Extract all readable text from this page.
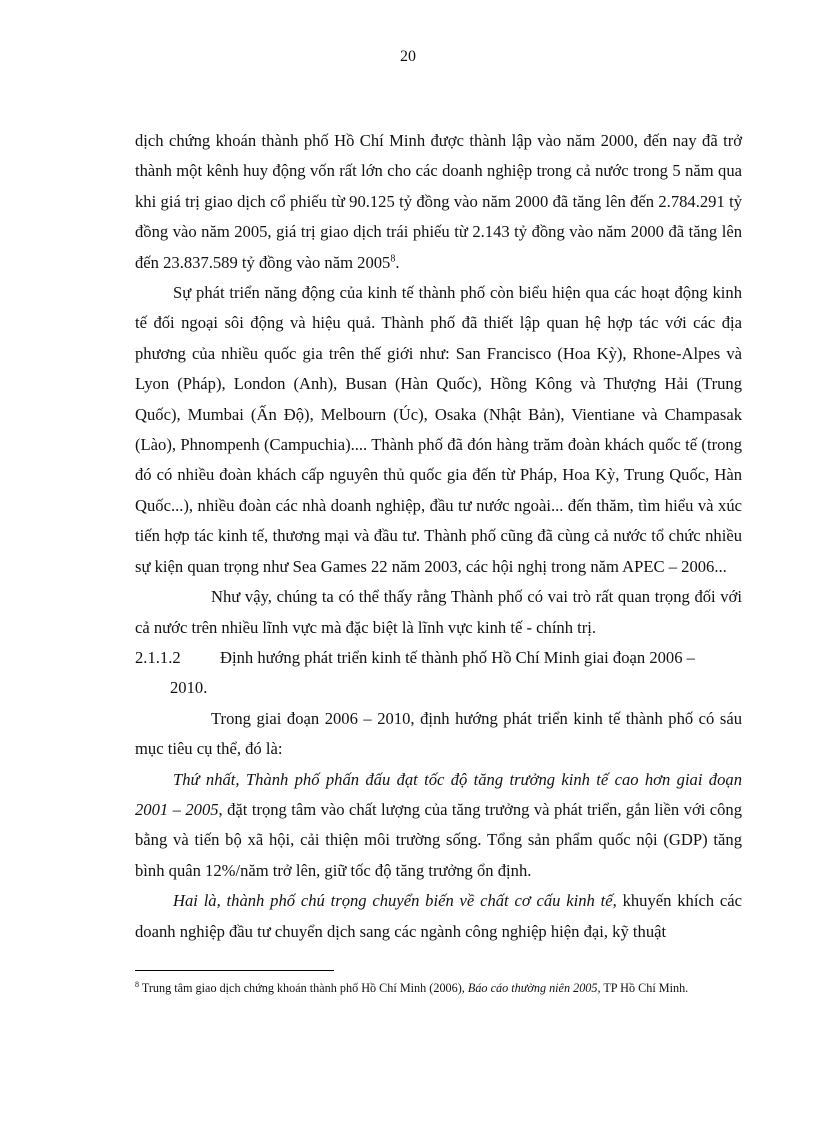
20

dịch chứng khoán thành phố Hồ Chí Minh được thành lập vào năm 2000, đến nay đã trở thành một kênh huy động vốn rất lớn cho các doanh nghiệp trong cả nước trong 5 năm qua khi giá trị giao dịch cổ phiếu từ 90.125 tỷ đồng vào năm 2000 đã tăng lên đến 2.784.291 tỷ đồng vào năm 2005, giá trị giao dịch trái phiếu từ 2.143 tỷ đồng vào năm 2000 đã tăng lên đến 23.837.589 tỷ đồng vào năm 2005$^8$.

Sự phát triển năng động của kinh tế thành phố còn biểu hiện qua các hoạt động kinh tế đối ngoại sôi động và hiệu quả. Thành phố đã thiết lập quan hệ hợp tác với các địa phương của nhiều quốc gia trên thế giới như: San Francisco (Hoa Kỳ), Rhone-Alpes và Lyon (Pháp), London (Anh), Busan (Hàn Quốc), Hồng Kông và Thượng Hải (Trung Quốc), Mumbai (Ấn Độ), Melbourn (Úc), Osaka (Nhật Bản), Vientiane và Champasak (Lào), Phnompenh (Campuchia).... Thành phố đã đón hàng trăm đoàn khách quốc tế (trong đó có nhiều đoàn khách cấp nguyên thủ quốc gia đến từ Pháp, Hoa Kỳ, Trung Quốc, Hàn Quốc...), nhiều đoàn các nhà doanh nghiệp, đầu tư nước ngoài... đến thăm, tìm hiểu và xúc tiến hợp tác kinh tế, thương mại và đầu tư. Thành phố cũng đã cùng cả nước tổ chức nhiều sự kiện quan trọng như Sea Games 22 năm 2003, các hội nghị trong năm APEC – 2006...

Như vậy, chúng ta có thể thấy rằng Thành phố có vai trò rất quan trọng đối với cả nước trên nhiều lĩnh vực mà đặc biệt là lĩnh vực kinh tế - chính trị.

2.1.1.2 Định hướng phát triển kinh tế thành phố Hồ Chí Minh giai đoạn 2006 –
2010.

Trong giai đoạn 2006 – 2010, định hướng phát triển kinh tế thành phố có sáu mục tiêu cụ thể, đó là:

Thứ nhất, Thành phố phấn đấu đạt tốc độ tăng trưởng kinh tế cao hơn giai đoạn 2001 – 2005, đặt trọng tâm vào chất lượng của tăng trưởng và phát triển, gắn liền với công bằng và tiến bộ xã hội, cải thiện môi trường sống. Tổng sản phẩm quốc nội (GDP) tăng bình quân 12%/năm trở lên, giữ tốc độ tăng trưởng ổn định.

Hai là, thành phố chú trọng chuyển biến về chất cơ cấu kinh tế, khuyến khích các doanh nghiệp đầu tư chuyển dịch sang các ngành công nghiệp hiện đại, kỹ thuật

$^8$ Trung tâm giao dịch chứng khoán thành phố Hồ Chí Minh (2006), Báo cáo thường niên 2005, TP Hồ Chí Minh.
